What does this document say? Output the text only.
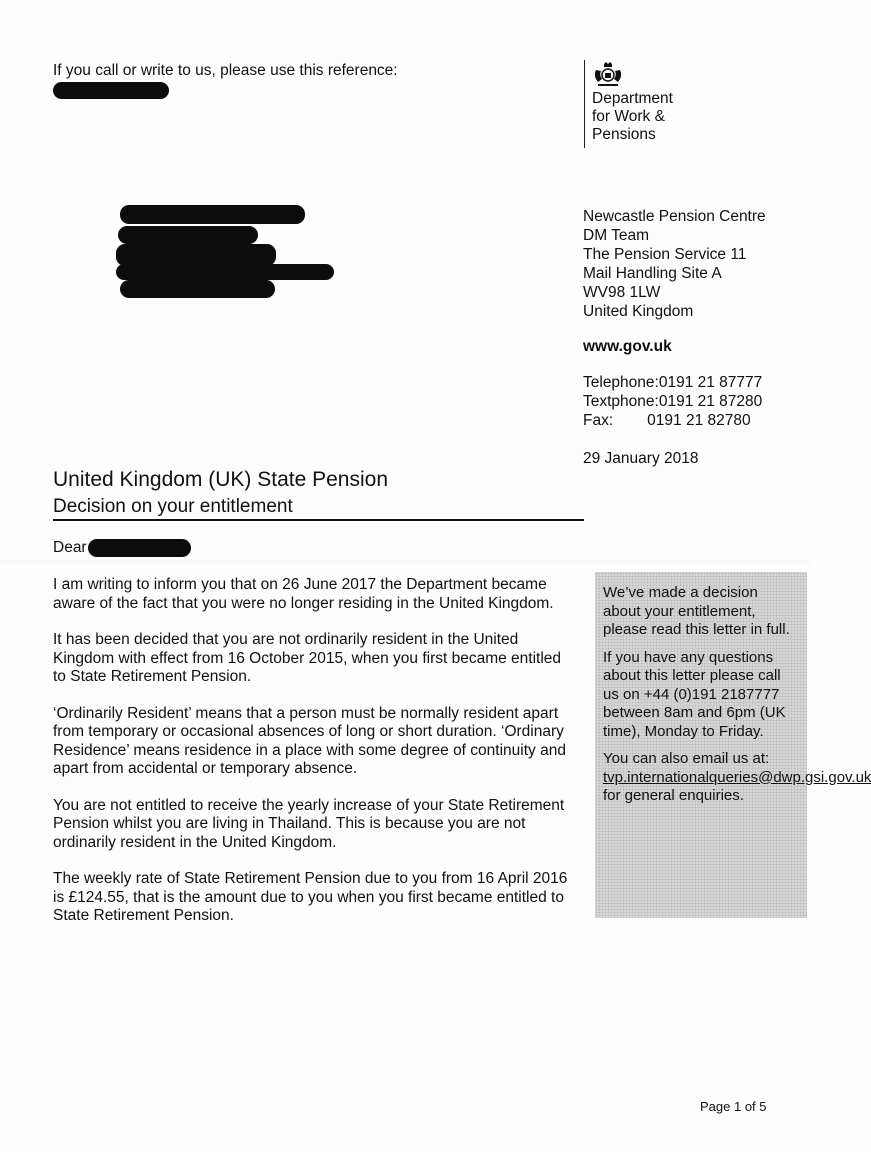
If you call or write to us, please use this reference:
Department
for Work &
Pensions
Newcastle Pension Centre
DM Team
The Pension Service 11
Mail Handling Site A
WV98 1LW
United Kingdom
www.gov.uk
Telephone: 0191 21 87777
Textphone: 0191 21 87280
Fax: 0191 21 82780
29 January 2018
United Kingdom (UK) State Pension
Decision on your entitlement
Dear

I am writing to inform you that on 26 June 2017 the Department became aware of the fact that you were no longer residing in the United Kingdom.

It has been decided that you are not ordinarily resident in the United Kingdom with effect from 16 October 2015, when you first became entitled to State Retirement Pension.

‘Ordinarily Resident’ means that a person must be normally resident apart from temporary or occasional absences of long or short duration. ‘Ordinary Residence’ means residence in a place with some degree of continuity and apart from accidental or temporary absence.

You are not entitled to receive the yearly increase of your State Retirement Pension whilst you are living in Thailand. This is because you are not ordinarily resident in the United Kingdom.

The weekly rate of State Retirement Pension due to you from 16 April 2016 is £124.55, that is the amount due to you when you first became entitled to State Retirement Pension.

We’ve made a decision about your entitlement, please read this letter in full.

If you have any questions about this letter please call us on +44 (0)191 2187777 between 8am and 6pm (UK time), Monday to Friday.

You can also email us at: tvp.internationalqueries@dwp.gsi.gov.uk for general enquiries.

Page 1 of 5
